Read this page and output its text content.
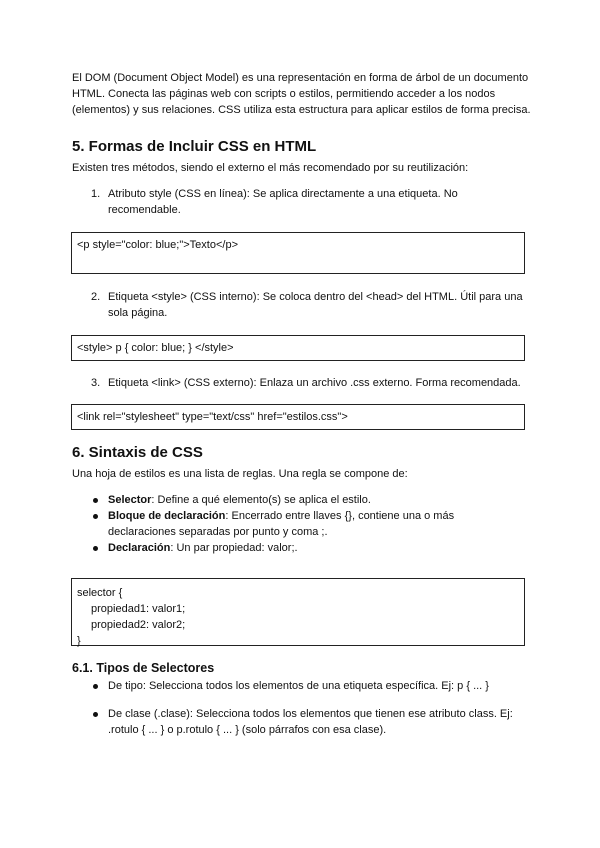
El DOM (Document Object Model) es una representación en forma de árbol de un documento HTML. Conecta las páginas web con scripts o estilos, permitiendo acceder a los nodos (elementos) y sus relaciones. CSS utiliza esta estructura para aplicar estilos de forma precisa.

5. Formas de Incluir CSS en HTML

Existen tres métodos, siendo el externo el más recomendado por su reutilización:

1. Atributo style (CSS en línea): Se aplica directamente a una etiqueta. No recomendable.
<p style="color: blue;">Texto</p>
2. Etiqueta <style> (CSS interno): Se coloca dentro del <head> del HTML. Útil para una sola página.
<style> p { color: blue; } </style>
3. Etiqueta <link> (CSS externo): Enlaza un archivo .css externo. Forma recomendada.
<link rel="stylesheet" type="text/css" href="estilos.css">
6. Sintaxis de CSS

Una hoja de estilos es una lista de reglas. Una regla se compone de:

Selector: Define a qué elemento(s) se aplica el estilo.
Bloque de declaración: Encerrado entre llaves {}, contiene una o más declaraciones separadas por punto y coma ;.
Declaración: Un par propiedad: valor;.
selector {
propiedad1: valor1;
propiedad2: valor2;
}
6.1. Tipos de Selectores
De tipo: Selecciona todos los elementos de una etiqueta específica. Ej: p { ... }
De clase (.clase): Selecciona todos los elementos que tienen ese atributo class. Ej: .rotulo { ... } o p.rotulo { ... } (solo párrafos con esa clase).
